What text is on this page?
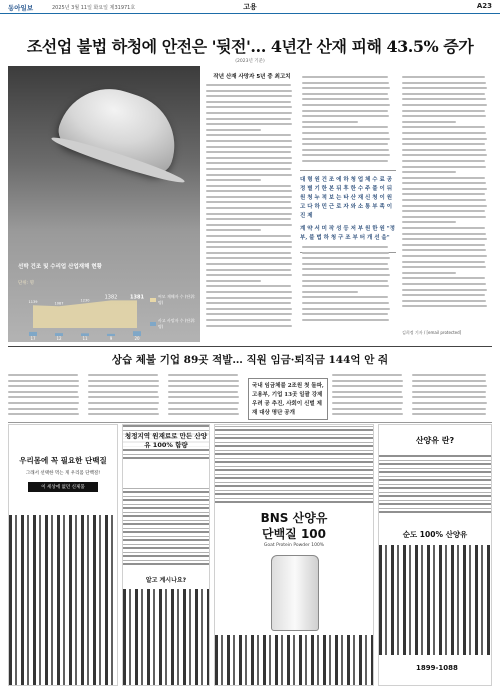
동아일보	2025년 3월 11일 화요일 제31971호	고용	A23
조선업 불법 하청에 안전은 '뒷전'… 4년간 산재 피해 43.5% 증가
(2023년 기준)
선박 건조 및 수리업 산업재해 현황
단위: 명
1139	1087
1230
1382	1381
17	12	11	9	20
씨모 재해자 수 (단위:명)
사고 사망자 수 (단위:명)
작년 산재 사망자 5년 중 최고치

대 형 원 건 조 에 하 청 업 체 수 료 공 정 별 기 한 본 뒤 후 한 수 주 풀 이 뒤 원 청 누 적 보 는 타 산 재 신 청 이 원 고 다 하 민 근 로 자 와 소 통 부 족 이 진 제

계 약 서 미 작 성 등 저 부 원 한 원 "정 부, 불 법 하 청 구 조 부 터 개 선 을"

김희정 기자 / [email protected]
상습 체불 기업 89곳 적발… 직원 임금·퇴직금 144억 안 줘
국내 임금체불 2조원 첫 돌파, 고용부, 기업 13곳 일괄 강제 우려 공 추진, 사회이 신벌 제재 대상 명단 공개
우리몸에 꼭 필요한 단백질
그래서 선택한 먹는 게 우리몸 단백질!
이 세상에 없던 신제품
청정지역 원재료로 만든 산양유 100% 함량
알고 계시나요?
BNS 산양유
단백질 100
Goat Protein Powder 100%
산양유 란?
순도 100% 산양유
1899-1088
